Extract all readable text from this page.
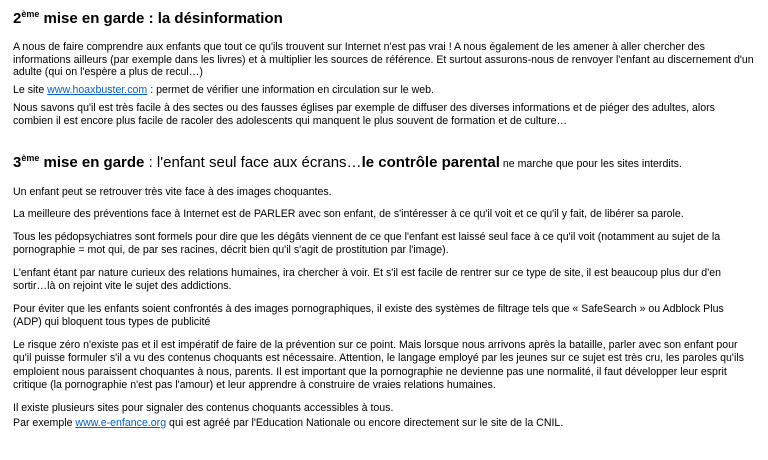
2ème mise en garde : la désinformation

A nous de faire comprendre aux enfants que tout ce qu'ils trouvent sur Internet n'est pas vrai ! A nous également de les amener à aller chercher des informations ailleurs (par exemple dans les livres) et à multiplier les sources de référence. Et surtout assurons-nous de renvoyer l'enfant au discernement d'un adulte (qui on l'espère a plus de recul…)

Le site www.hoaxbuster.com : permet de vérifier une information en circulation sur le web.

Nous savons qu'il est très facile à des sectes ou des fausses églises par exemple de diffuser des diverses informations et de piéger des adultes, alors combien il est encore plus facile de racoler des adolescents qui manquent le plus souvent de formation et de culture…

3ème mise en garde : l'enfant seul face aux écrans…le contrôle parental ne marche que pour les sites interdits.

Un enfant peut se retrouver très vite face à des images choquantes.

La meilleure des préventions face à Internet est de PARLER avec son enfant, de s'intéresser à ce qu'il voit et ce qu'il y fait, de libérer sa parole.

Tous les pédopsychiatres sont formels pour dire que les dégâts viennent de ce que l'enfant est laissé seul face à ce qu'il voit (notamment au sujet de la pornographie = mot qui, de par ses racines, décrit bien qu'il s'agit de prostitution par l'image).

L'enfant étant par nature curieux des relations humaines, ira chercher à voir. Et s'il est facile de rentrer sur ce type de site, il est beaucoup plus dur d'en sortir…là on rejoint vite le sujet des addictions.

Pour éviter que les enfants soient confrontés à des images pornographiques, il existe des systèmes de filtrage tels que « SafeSearch » ou Adblock Plus (ADP) qui bloquent tous types de publicité

Le risque zéro n'existe pas et il est impératif de faire de la prévention sur ce point. Mais lorsque nous arrivons après la bataille, parler avec son enfant pour qu'il puisse formuler s'il a vu des contenus choquants est nécessaire. Attention, le langage employé par les jeunes sur ce sujet est très cru, les paroles qu'ils emploient nous paraissent choquantes à nous, parents. Il est important que la pornographie ne devienne pas une normalité, il faut développer leur esprit critique (la pornographie n'est pas l'amour) et leur apprendre à construire de vraies relations humaines.

Il existe plusieurs sites pour signaler des contenus choquants accessibles à tous.

Par exemple www.e-enfance.org qui est agréé par l'Education Nationale ou encore directement sur le site de la CNIL.
